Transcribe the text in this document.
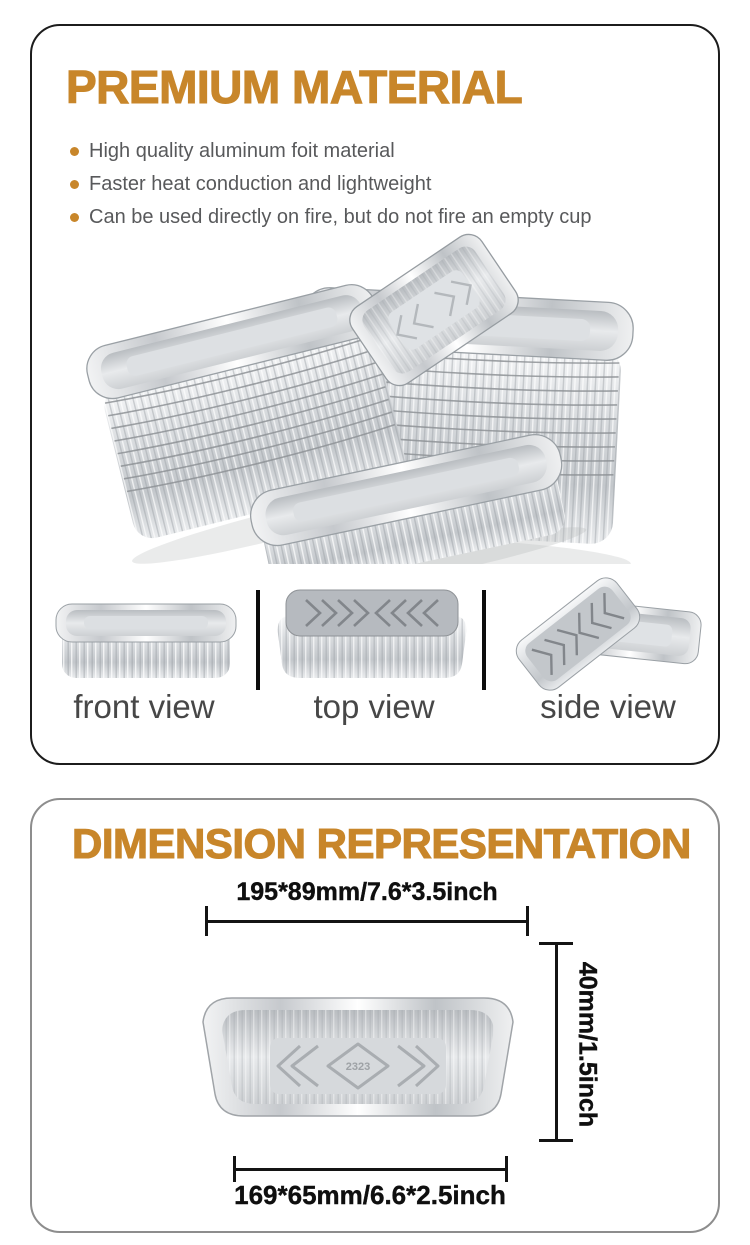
PREMIUM MATERIAL
High quality aluminum foit material
Faster heat conduction and lightweight
Can be used directly on fire, but do not fire an empty cup
front view	top view	side view
DIMENSION REPRESENTATION
195*89mm/7.6*3.5inch
40mm/1.5inch
2323
169*65mm/6.6*2.5inch
